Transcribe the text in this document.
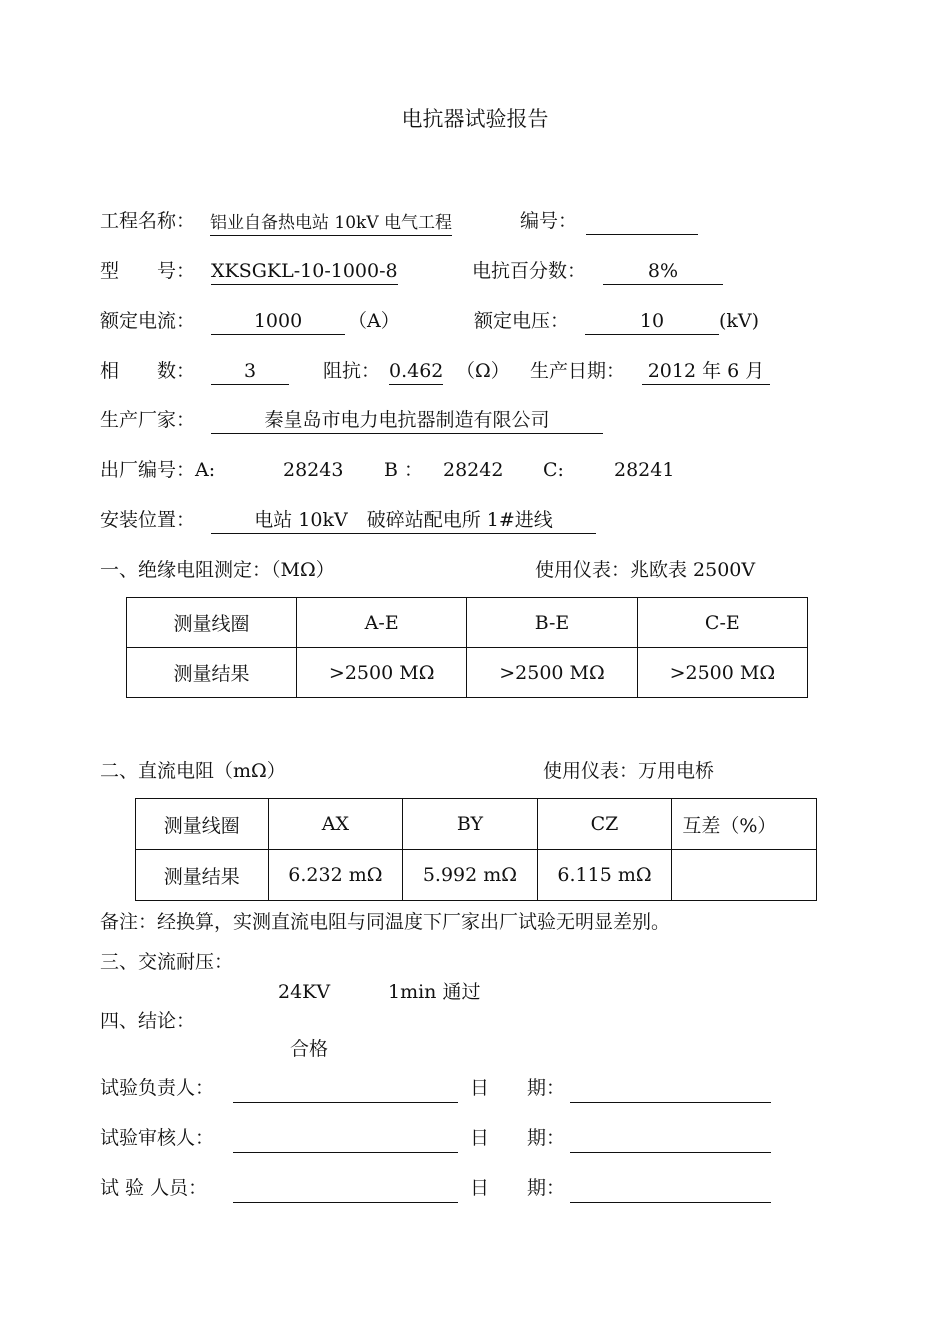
电抗器试验报告
工程名称： 铝业自备热电站 10kV 电气工程	编号：
型　　号： XKSGKL-10-1000-8	电抗百分数：	8%
额定电流：	1000	（A）	额定电压：	10	(kV)
相　　数：	3	阻抗： 0.462 （Ω） 生产日期：	2012 年 6 月
生产厂家：	秦皇岛市电力电抗器制造有限公司
出厂编号：A:	28243 B ： 28242 C:	28241
安装位置：	电站 10kV　破碎站配电所 1#进线
一、绝缘电阻测定：（MΩ）	使用仪表：兆欧表 2500V
测量线圈	A-E	B-E	C-E
测量结果	>2500 MΩ	>2500 MΩ	>2500 MΩ
二、直流电阻（mΩ）	使用仪表：万用电桥
测量线圈	AX	BY	CZ	互差（%）
测量结果	6.232 mΩ	5.992 mΩ	6.115 mΩ	
备注：经换算，实测直流电阻与同温度下厂家出厂试验无明显差别。
三、交流耐压：
24KV	1min 通过
四、结论：
合格
试验负责人：	日　　期：
试验审核人：	日　　期：
试 验 人员：	日　　期：
